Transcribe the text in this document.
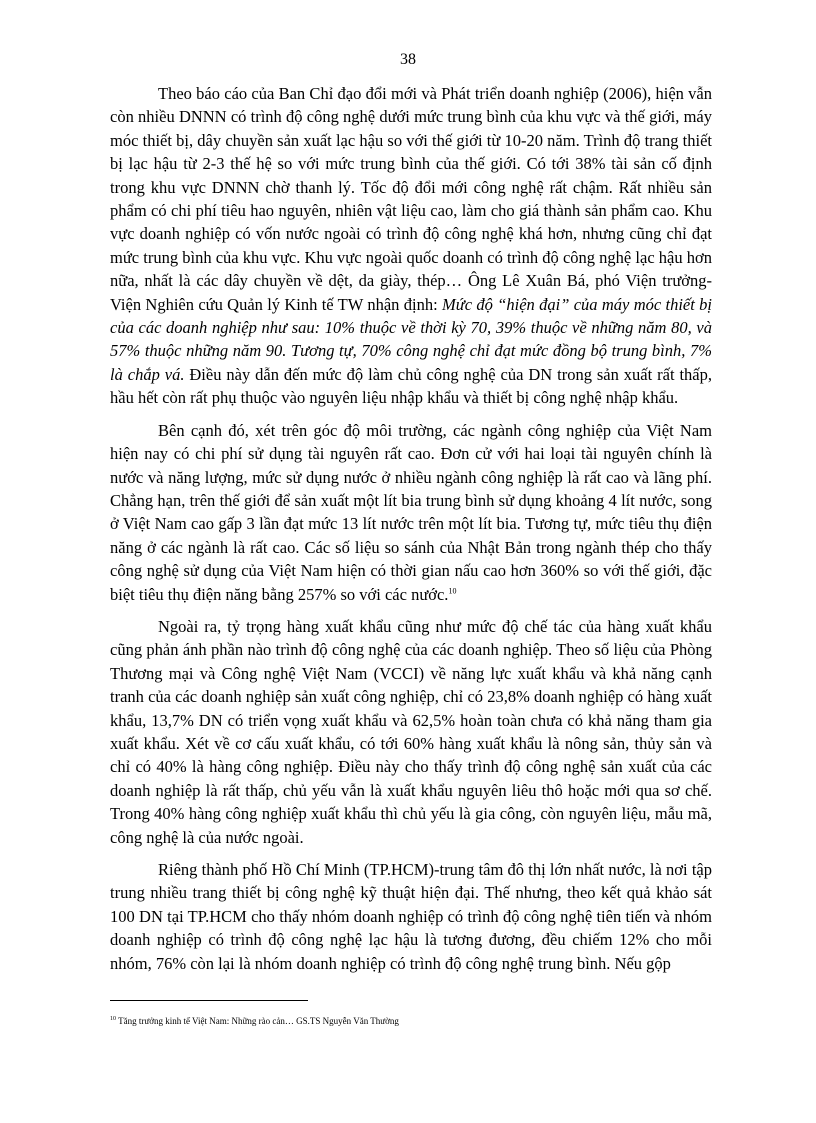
38

Theo báo cáo của Ban Chỉ đạo đổi mới và Phát triển doanh nghiệp (2006), hiện vẫn còn nhiều DNNN có trình độ công nghệ dưới mức trung bình của khu vực và thế giới, máy móc thiết bị, dây chuyền sản xuất lạc hậu so với thế giới từ 10-20 năm. Trình độ trang thiết bị lạc hậu từ 2-3 thế hệ so với mức trung bình của thế giới. Có tới 38% tài sản cố định trong khu vực DNNN chờ thanh lý. Tốc độ đổi mới công nghệ rất chậm. Rất nhiều sản phẩm có chi phí tiêu hao nguyên, nhiên vật liệu cao, làm cho giá thành sản phẩm cao. Khu vực doanh nghiệp có vốn nước ngoài có trình độ công nghệ khá hơn, nhưng cũng chỉ đạt mức trung bình của khu vực. Khu vực ngoài quốc doanh có trình độ công nghệ lạc hậu hơn nữa, nhất là các dây chuyền về dệt, da giày, thép… Ông Lê Xuân Bá, phó Viện trưởng-Viện Nghiên cứu Quản lý Kinh tế TW nhận định: Mức độ “hiện đại” của máy móc thiết bị của các doanh nghiệp như sau: 10% thuộc về thời kỳ 70, 39% thuộc về những năm 80, và 57% thuộc những năm 90. Tương tự, 70% công nghệ chỉ đạt mức đồng bộ trung bình, 7% là chắp vá. Điều này dẫn đến mức độ làm chủ công nghệ của DN trong sản xuất rất thấp, hầu hết còn rất phụ thuộc vào nguyên liệu nhập khẩu và thiết bị công nghệ nhập khẩu.

Bên cạnh đó, xét trên góc độ môi trường, các ngành công nghiệp của Việt Nam hiện nay có chi phí sử dụng tài nguyên rất cao. Đơn cử với hai loại tài nguyên chính là nước và năng lượng, mức sử dụng nước ở nhiều ngành công nghiệp là rất cao và lãng phí. Chẳng hạn, trên thế giới để sản xuất một lít bia trung bình sử dụng khoảng 4 lít nước, song ở Việt Nam cao gấp 3 lần đạt mức 13 lít nước trên một lít bia. Tương tự, mức tiêu thụ điện năng ở các ngành là rất cao. Các số liệu so sánh của Nhật Bản trong ngành thép cho thấy công nghệ sử dụng của Việt Nam hiện có thời gian nấu cao hơn 360% so với thế giới, đặc biệt tiêu thụ điện năng bằng 257% so với các nước.$^{10}$

Ngoài ra, tỷ trọng hàng xuất khẩu cũng như mức độ chế tác của hàng xuất khẩu cũng phản ánh phần nào trình độ công nghệ của các doanh nghiệp. Theo số liệu của Phòng Thương mại và Công nghệ Việt Nam (VCCI) về năng lực xuất khẩu và khả năng cạnh tranh của các doanh nghiệp sản xuất công nghiệp, chỉ có 23,8% doanh nghiệp có hàng xuất khẩu, 13,7% DN có triển vọng xuất khẩu và 62,5% hoàn toàn chưa có khả năng tham gia xuất khẩu. Xét về cơ cấu xuất khẩu, có tới 60% hàng xuất khẩu là nông sản, thủy sản và chỉ có 40% là hàng công nghiệp. Điều này cho thấy trình độ công nghệ sản xuất của các doanh nghiệp là rất thấp, chủ yếu vẫn là xuất khẩu nguyên liêu thô hoặc mới qua sơ chế. Trong 40% hàng công nghiệp xuất khẩu thì chủ yếu là gia công, còn nguyên liệu, mẫu mã, công nghệ là của nước ngoài.

Riêng thành phố Hồ Chí Minh (TP.HCM)-trung tâm đô thị lớn nhất nước, là nơi tập trung nhiều trang thiết bị công nghệ kỹ thuật hiện đại. Thế nhưng, theo kết quả khảo sát 100 DN tại TP.HCM cho thấy nhóm doanh nghiệp có trình độ công nghệ tiên tiến và nhóm doanh nghiệp có trình độ công nghệ lạc hậu là tương đương, đều chiếm 12% cho mỗi nhóm, 76% còn lại là nhóm doanh nghiệp có trình độ công nghệ trung bình. Nếu gộp

$^{10}$ Tăng trưởng kinh tế Việt Nam: Những rào cản… GS.TS Nguyễn Văn Thường
